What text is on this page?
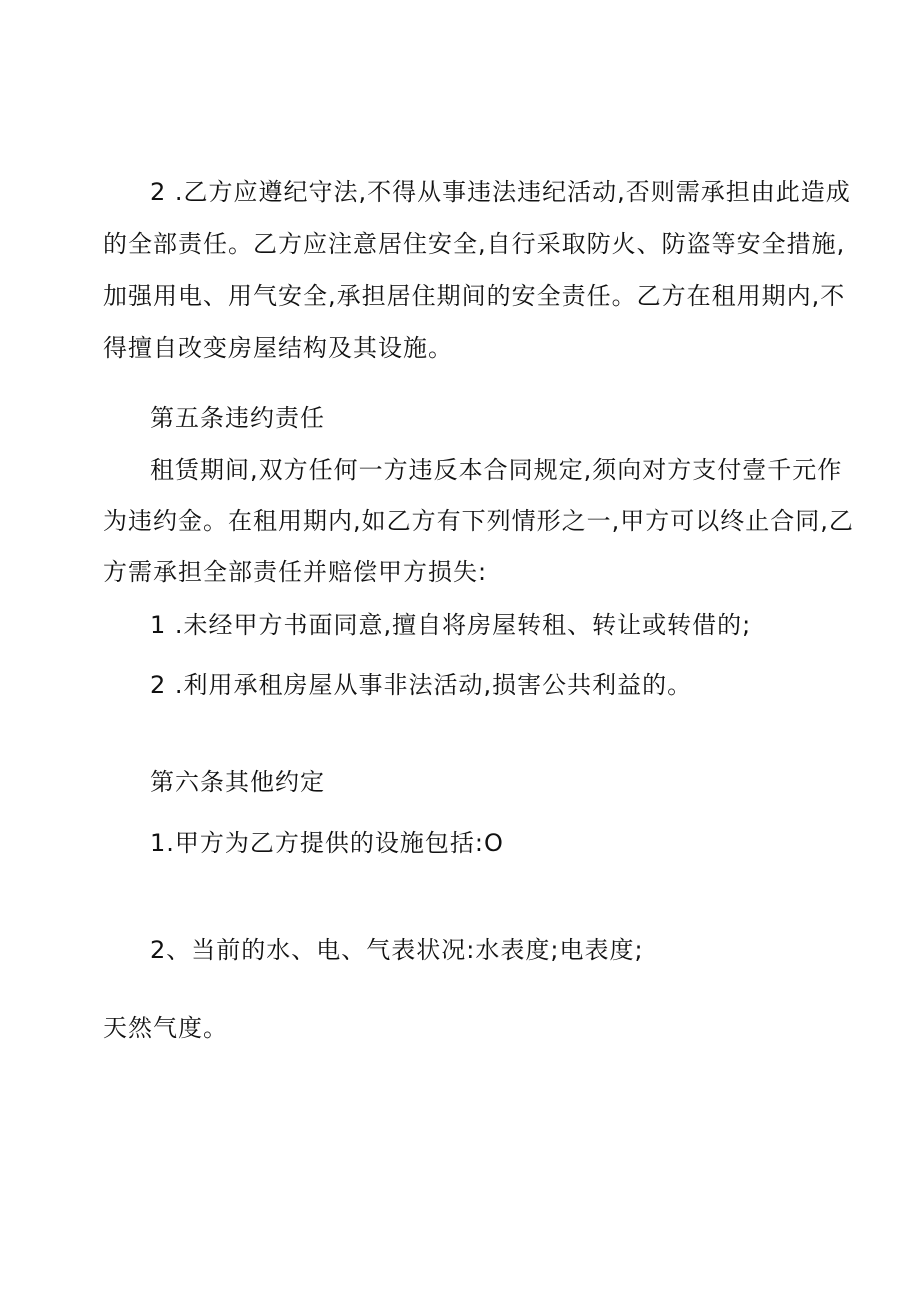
2 .乙方应遵纪守法,不得从事违法违纪活动,否则需承担由此造成
的全部责任。乙方应注意居住安全,自行采取防火、防盗等安全措施,
加强用电、用气安全,承担居住期间的安全责任。乙方在租用期内,不
得擅自改变房屋结构及其设施。
第五条违约责任
租赁期间,双方任何一方违反本合同规定,须向对方支付壹千元作
为违约金。在租用期内,如乙方有下列情形之一,甲方可以终止合同,乙
方需承担全部责任并赔偿甲方损失:
1 .未经甲方书面同意,擅自将房屋转租、转让或转借的;
2 .利用承租房屋从事非法活动,损害公共利益的。
第六条其他约定
1.甲方为乙方提供的设施包括:O
2、当前的水、电、气表状况:水表度;电表度;
天然气度。
